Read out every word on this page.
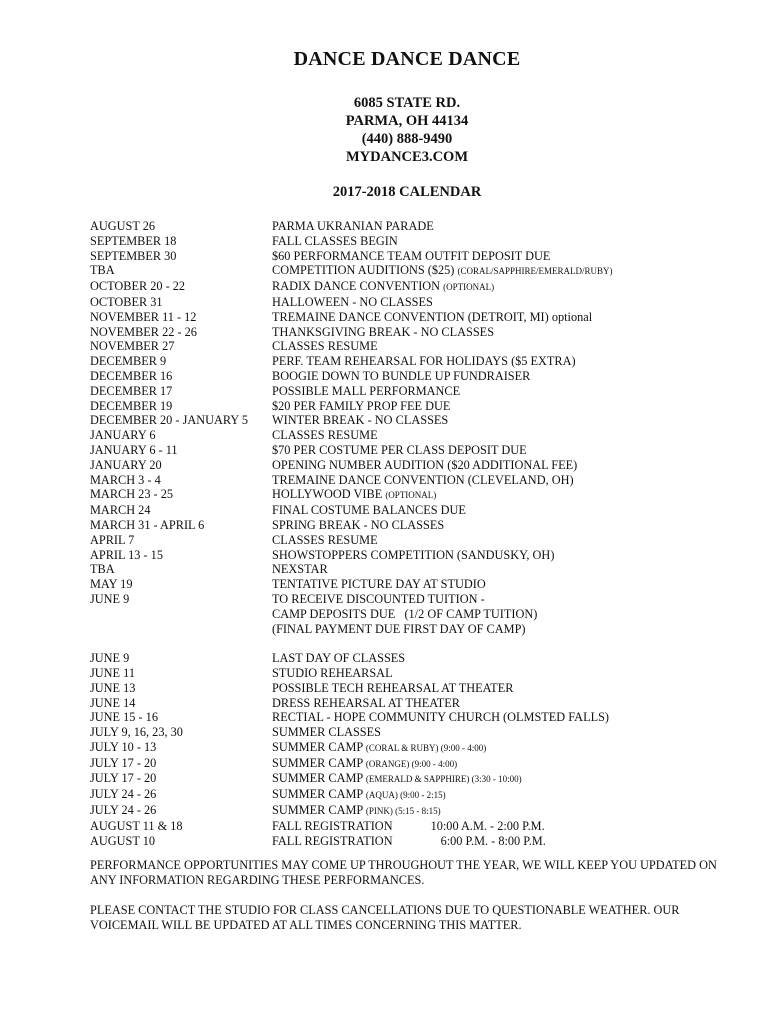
DANCE DANCE DANCE
6085 STATE RD.
PARMA, OH 44134
(440) 888-9490
MYDANCE3.COM
2017-2018 CALENDAR
AUGUST 26	PARMA UKRANIAN PARADE
SEPTEMBER 18	FALL CLASSES BEGIN
SEPTEMBER 30	$60 PERFORMANCE TEAM OUTFIT DEPOSIT DUE
TBA	COMPETITION AUDITIONS ($25) (CORAL/SAPPHIRE/EMERALD/RUBY)
OCTOBER 20 - 22	RADIX DANCE CONVENTION (OPTIONAL)
OCTOBER 31	HALLOWEEN - NO CLASSES
NOVEMBER 11 - 12	TREMAINE DANCE CONVENTION (DETROIT, MI) optional
NOVEMBER 22 - 26	THANKSGIVING BREAK - NO CLASSES
NOVEMBER 27	CLASSES RESUME
DECEMBER 9	PERF. TEAM REHEARSAL FOR HOLIDAYS ($5 EXTRA)
DECEMBER 16	BOOGIE DOWN TO BUNDLE UP FUNDRAISER
DECEMBER 17	POSSIBLE MALL PERFORMANCE
DECEMBER 19	$20 PER FAMILY PROP FEE DUE
DECEMBER 20 - JANUARY 5	WINTER BREAK - NO CLASSES
JANUARY 6	CLASSES RESUME
JANUARY 6 - 11	$70 PER COSTUME PER CLASS DEPOSIT DUE
JANUARY 20	OPENING NUMBER AUDITION ($20 ADDITIONAL FEE)
MARCH 3 - 4	TREMAINE DANCE CONVENTION (CLEVELAND, OH)
MARCH 23 - 25	HOLLYWOOD VIBE (OPTIONAL)
MARCH 24	FINAL COSTUME BALANCES DUE
MARCH 31 - APRIL 6	SPRING BREAK - NO CLASSES
APRIL 7	CLASSES RESUME
APRIL 13 - 15	SHOWSTOPPERS COMPETITION (SANDUSKY, OH)
TBA	NEXSTAR
MAY 19	TENTATIVE PICTURE DAY AT STUDIO
JUNE 9	TO RECEIVE DISCOUNTED TUITION -
CAMP DEPOSITS DUE   (1/2 OF CAMP TUITION)
(FINAL PAYMENT DUE FIRST DAY OF CAMP)
JUNE 9	LAST DAY OF CLASSES
JUNE 11	STUDIO REHEARSAL
JUNE 13	POSSIBLE TECH REHEARSAL AT THEATER
JUNE 14	DRESS REHEARSAL AT THEATER
JUNE 15 - 16	RECTIAL - HOPE COMMUNITY CHURCH (OLMSTED FALLS)
JULY 9, 16, 23, 30	SUMMER CLASSES
JULY 10 - 13	SUMMER CAMP (CORAL & RUBY) (9:00 - 4:00)
JULY 17 - 20	SUMMER CAMP (ORANGE) (9:00 - 4:00)
JULY 17 - 20	SUMMER CAMP (EMERALD & SAPPHIRE) (3:30 - 10:00)
JULY 24 - 26	SUMMER CAMP (AQUA) (9:00 - 2:15)
JULY 24 - 26	SUMMER CAMP (PINK) (5:15 - 8:15)
AUGUST 11 & 18	FALL REGISTRATION	10:00 A.M. - 2:00 P.M.
AUGUST 10	FALL REGISTRATION	6:00 P.M. - 8:00 P.M.
PERFORMANCE OPPORTUNITIES MAY COME UP THROUGHOUT THE YEAR, WE WILL KEEP YOU UPDATED ON ANY INFORMATION REGARDING THESE PERFORMANCES.
PLEASE CONTACT THE STUDIO FOR CLASS CANCELLATIONS DUE TO QUESTIONABLE WEATHER. OUR VOICEMAIL WILL BE UPDATED AT ALL TIMES CONCERNING THIS MATTER.
